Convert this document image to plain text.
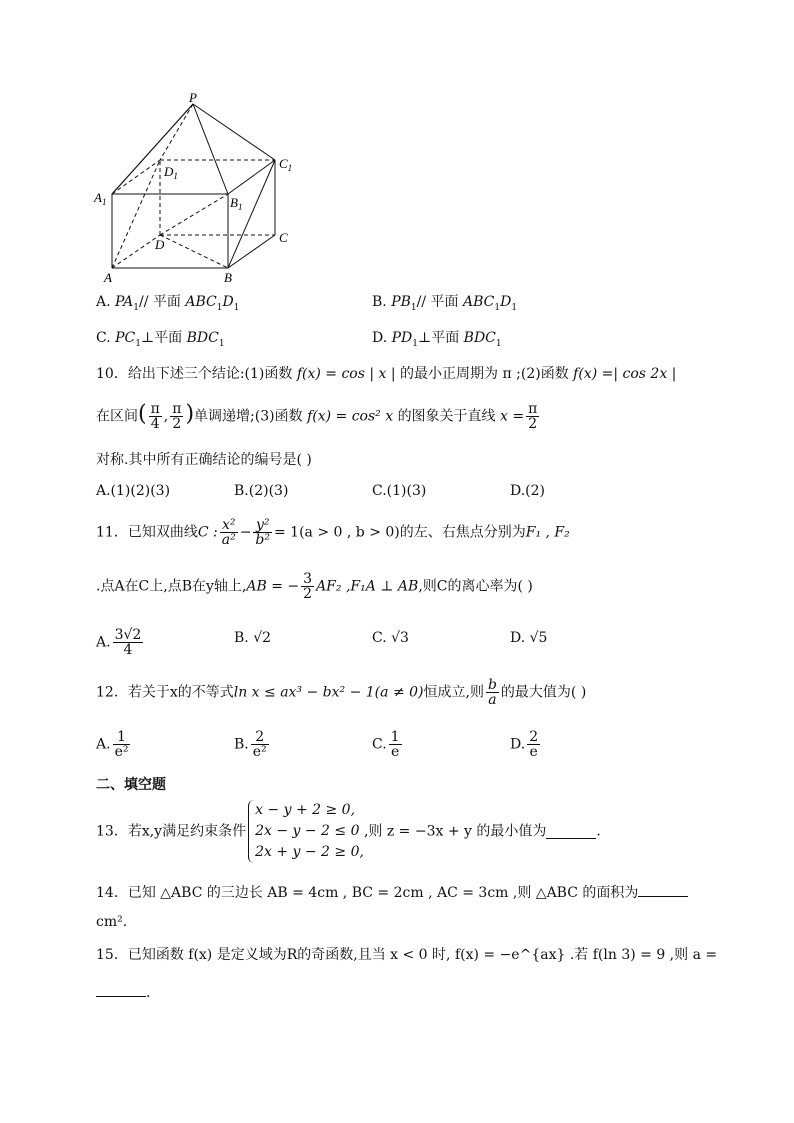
P
$D_1$
$C_1$
$A_1$	$B_1$
D	C
A	B
A. $PA_1//$ 平面 $ABC_1D_1$	B. $PB_1//$ 平面 $ABC_1D_1$
C. $PC_1\perp$平面 $BDC_1$	D. $PD_1\perp$平面 $BDC_1$
10．给出下述三个结论:(1)函数 f(x) = cos | x | 的最小正周期为 π ;(2)函数 f(x) =| cos 2x |
在区间( $\frac{\pi}{4}$ , $\frac{\pi}{2}$ )单调递增;(3)函数 f(x) = cos² x 的图象关于直线 $x = \frac{\pi}{2}$
对称.其中所有正确结论的编号是( )
A.(1)(2)(3)	B.(2)(3)	C.(1)(3)	D.(2)
11．已知双曲线C : $\frac{\text{x²}}{\text{a²}} - \frac{\text{y²}}{\text{b²}} = 1(a > 0$ , b > 0)的左、右焦点分别为F₁ , F₂
.点A在C上,点B在y轴上,AB = − $\frac{3}{2} AF_2$ ,F₁A ⊥ AB,则C的离心率为( )
A. $\frac{3√2}{4}$	B. √2	C. √3	D. √5
12．若关于x的不等式ln x ≤ ax³ − bx² − 1(a ≠ 0)恒成立,则 $\frac{b}{a}$ 的最大值为( )
A. $\frac{1}{\text{e²}}$	B. $\frac{2}{\text{e²}}$	C. $\frac{1}{e}$	D. $\frac{2}{e}$
二、填空题
13．若x,y满足约束条件
x − y + 2 ≥ 0,
2x − y − 2 ≤ 0
2x + y − 2 ≥ 0,
,则 z = −3x + y 的最小值为	.
14．已知 △ABC 的三边长 AB = 4cm , BC = 2cm , AC = 3cm ,则 △ABC 的面积为
cm².
15．已知函数 f(x) 是定义域为R的奇函数,且当 x < 0 时, f(x) = −e^{ax} .若 f(ln 3) = 9 ,则 a =
.
